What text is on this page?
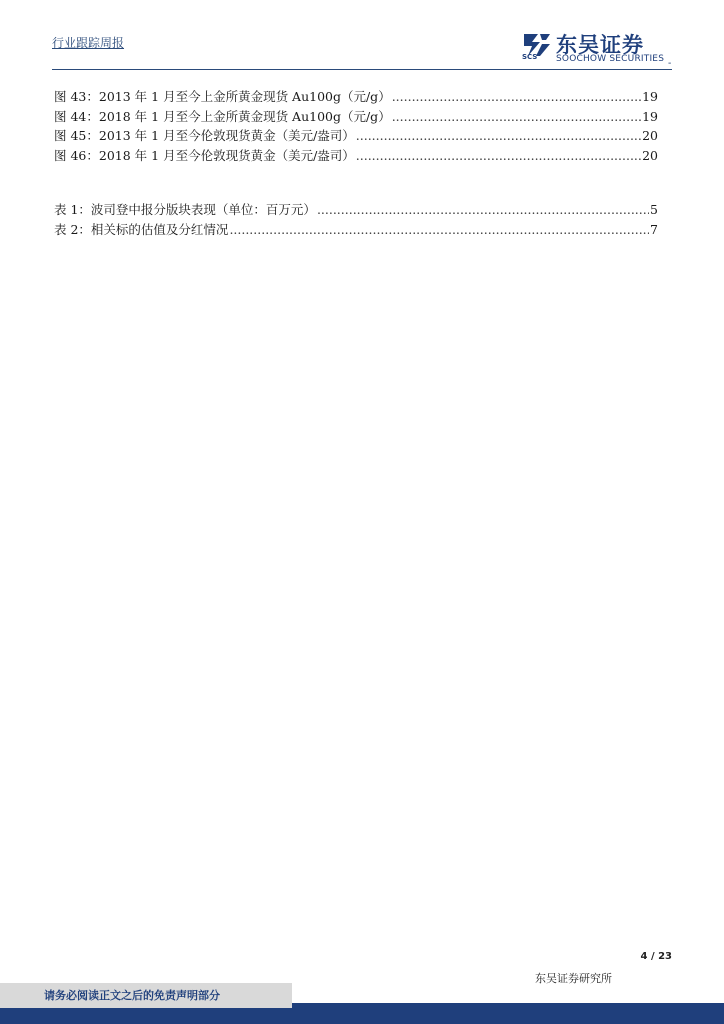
行业跟踪周报
SCS 东吴证券
SOOCHOW SECURITIES -
图 43：2013 年 1 月至今上金所黄金现货 Au100g（元/g） .....	19
图 44：2018 年 1 月至今上金所黄金现货 Au100g（元/g） .....	19
图 45：2013 年 1 月至今伦敦现货黄金（美元/盎司） .....	20
图 46：2018 年 1 月至今伦敦现货黄金（美元/盎司） .....	20
表 1：波司登中报分版块表现（单位：百万元） .....	5
表 2：相关标的估值及分红情况 .....	7
4 / 23
东吴证券研究所
请务必阅读正文之后的免责声明部分
